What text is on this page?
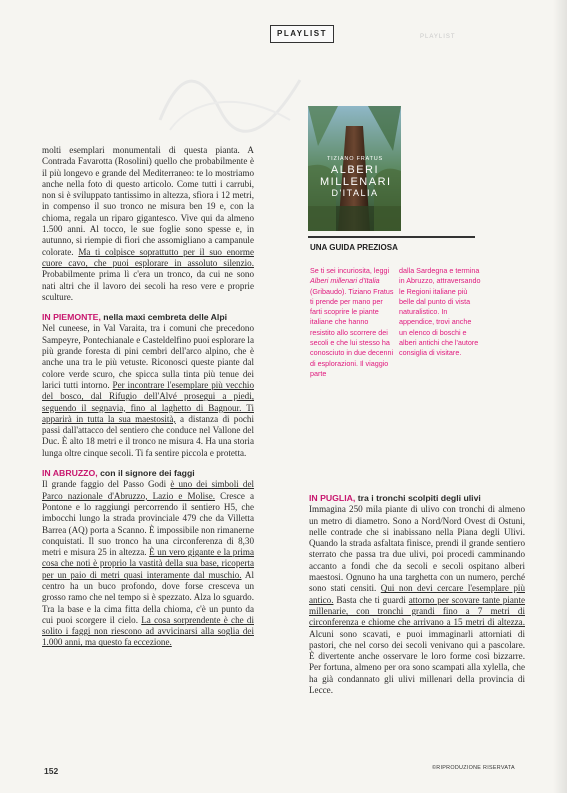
PLAYLIST	PLAYLIST

molti esemplari monumentali di questa pianta. A Contrada Favarotta (Rosolini) quello che probabilmente è il più longevo e grande del Mediterraneo: te lo mostriamo anche nella foto di questo articolo. Come tutti i carrubi, non si è sviluppato tantissimo in altezza, sfiora i 12 metri, in compenso il suo tronco ne misura ben 19 e, con la chioma, regala un riparo gigantesco. Vive qui da almeno 1.500 anni. Al tocco, le sue foglie sono spesse e, in autunno, si riempie di fiori che assomigliano a campanule colorate. Ma ti colpisce soprattutto per il suo enorme cuore cavo, che puoi esplorare in assoluto silenzio. Probabilmente prima lì c'era un tronco, da cui ne sono nati altri che il lavoro dei secoli ha reso vere e proprie sculture.

IN PIEMONTE, nella maxi cembreta delle Alpi

Nel cuneese, in Val Varaita, tra i comuni che precedono Sampeyre, Pontechianale e Casteldelfino puoi esplorare la più grande foresta di pini cembri dell'arco alpino, che è anche una tra le più vetuste. Riconosci queste piante dal colore verde scuro, che spicca sulla tinta più tenue dei larici tutti intorno. Per incontrare l'esemplare più vecchio del bosco, dal Rifugio dell'Alvé prosegui a piedi, seguendo il segnavia, fino al laghetto di Bagnour. Ti apparirà in tutta la sua maestosità, a distanza di pochi passi dall'attacco del sentiero che conduce nel Vallone del Duc. È alto 18 metri e il tronco ne misura 4. Ha una storia lunga oltre cinque secoli. Ti fa sentire piccola e protetta.

IN ABRUZZO, con il signore dei faggi

Il grande faggio del Passo Godi è uno dei simboli del Parco nazionale d'Abruzzo, Lazio e Molise. Cresce a Pontone e lo raggiungi percorrendo il sentiero H5, che imbocchi lungo la strada provinciale 479 che da Villetta Barrea (AQ) porta a Scanno. È impossibile non rimanerne conquistati. Il suo tronco ha una circonferenza di 8,30 metri e misura 25 in altezza. È un vero gigante e la prima cosa che noti è proprio la vastità della sua base, ricoperta per un paio di metri quasi interamente dal muschio. Al centro ha un buco profondo, dove forse cresceva un grosso ramo che nel tempo si è spezzato. Alza lo sguardo. Tra la base e la cima fitta della chioma, c'è un punto da cui puoi scorgere il cielo. La cosa sorprendente è che di solito i faggi non riescono ad avvicinarsi alla soglia dei 1.000 anni, ma questo fa eccezione.

TIZIANO FRATUS
ALBERI
MILLENARI
D'ITALIA
UNA GUIDA PREZIOSA
Se ti sei incuriosita, leggi Alberi millenari d'Italia (Gribaudo). Tiziano Fratus ti prende per mano per farti scoprire le piante italiane che hanno resistito allo scorrere dei secoli e che lui stesso ha conosciuto in due decenni di esplorazioni. Il viaggio parte
dalla Sardegna e termina in Abruzzo, attraversando le Regioni italiane più belle dal punto di vista naturalistico. In appendice, trovi anche un elenco di boschi e alberi antichi che l'autore consiglia di visitare.

IN PUGLIA, tra i tronchi scolpiti degli ulivi

Immagina 250 mila piante di ulivo con tronchi di almeno un metro di diametro. Sono a Nord/Nord Ovest di Ostuni, nelle contrade che si inabissano nella Piana degli Ulivi. Quando la strada asfaltata finisce, prendi il grande sentiero sterrato che passa tra due ulivi, poi procedi camminando accanto a fondi che da secoli e secoli ospitano alberi maestosi. Ognuno ha una targhetta con un numero, perché sono stati censiti. Qui non devi cercare l'esemplare più antico. Basta che ti guardi attorno per scovare tante piante millenarie, con tronchi grandi fino a 7 metri di circonferenza e chiome che arrivano a 15 metri di altezza. Alcuni sono scavati, e puoi immaginarli attorniati di pastori, che nel corso dei secoli venivano qui a pascolare. È divertente anche osservare le loro forme così bizzarre. Per fortuna, almeno per ora sono scampati alla xylella, che ha già condannato gli ulivi millenari della provincia di Lecce.

©RIPRODUZIONE RISERVATA
152
